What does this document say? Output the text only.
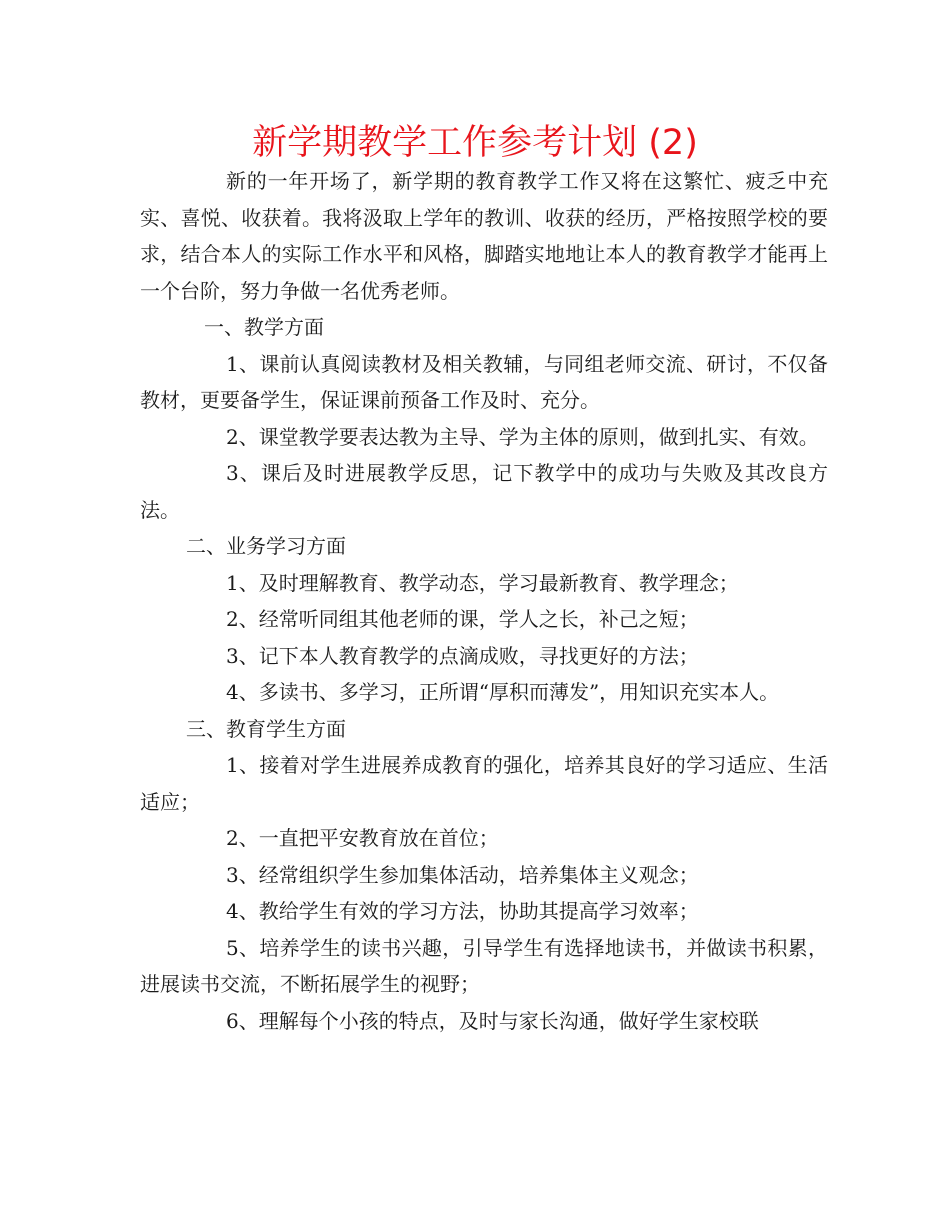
新学期教学工作参考计划 (2)

新的一年开场了，新学期的教育教学工作又将在这繁忙、疲乏中充实、喜悦、收获着。我将汲取上学年的教训、收获的经历，严格按照学校的要求，结合本人的实际工作水平和风格，脚踏实地地让本人的教育教学才能再上一个台阶，努力争做一名优秀老师。

一、教学方面

1、课前认真阅读教材及相关教辅，与同组老师交流、研讨，不仅备教材，更要备学生，保证课前预备工作及时、充分。

2、课堂教学要表达教为主导、学为主体的原则，做到扎实、有效。

3、课后及时进展教学反思，记下教学中的成功与失败及其改良方法。

二、业务学习方面

1、及时理解教育、教学动态，学习最新教育、教学理念；

2、经常听同组其他老师的课，学人之长，补己之短；

3、记下本人教育教学的点滴成败，寻找更好的方法；

4、多读书、多学习，正所谓“厚积而薄发”，用知识充实本人。

三、教育学生方面

1、接着对学生进展养成教育的强化，培养其良好的学习适应、生活适应；

2、一直把平安教育放在首位；

3、经常组织学生参加集体活动，培养集体主义观念；

4、教给学生有效的学习方法，协助其提高学习效率；

5、培养学生的读书兴趣，引导学生有选择地读书，并做读书积累，进展读书交流，不断拓展学生的视野；

6、理解每个小孩的特点，及时与家长沟通，做好学生家校联
